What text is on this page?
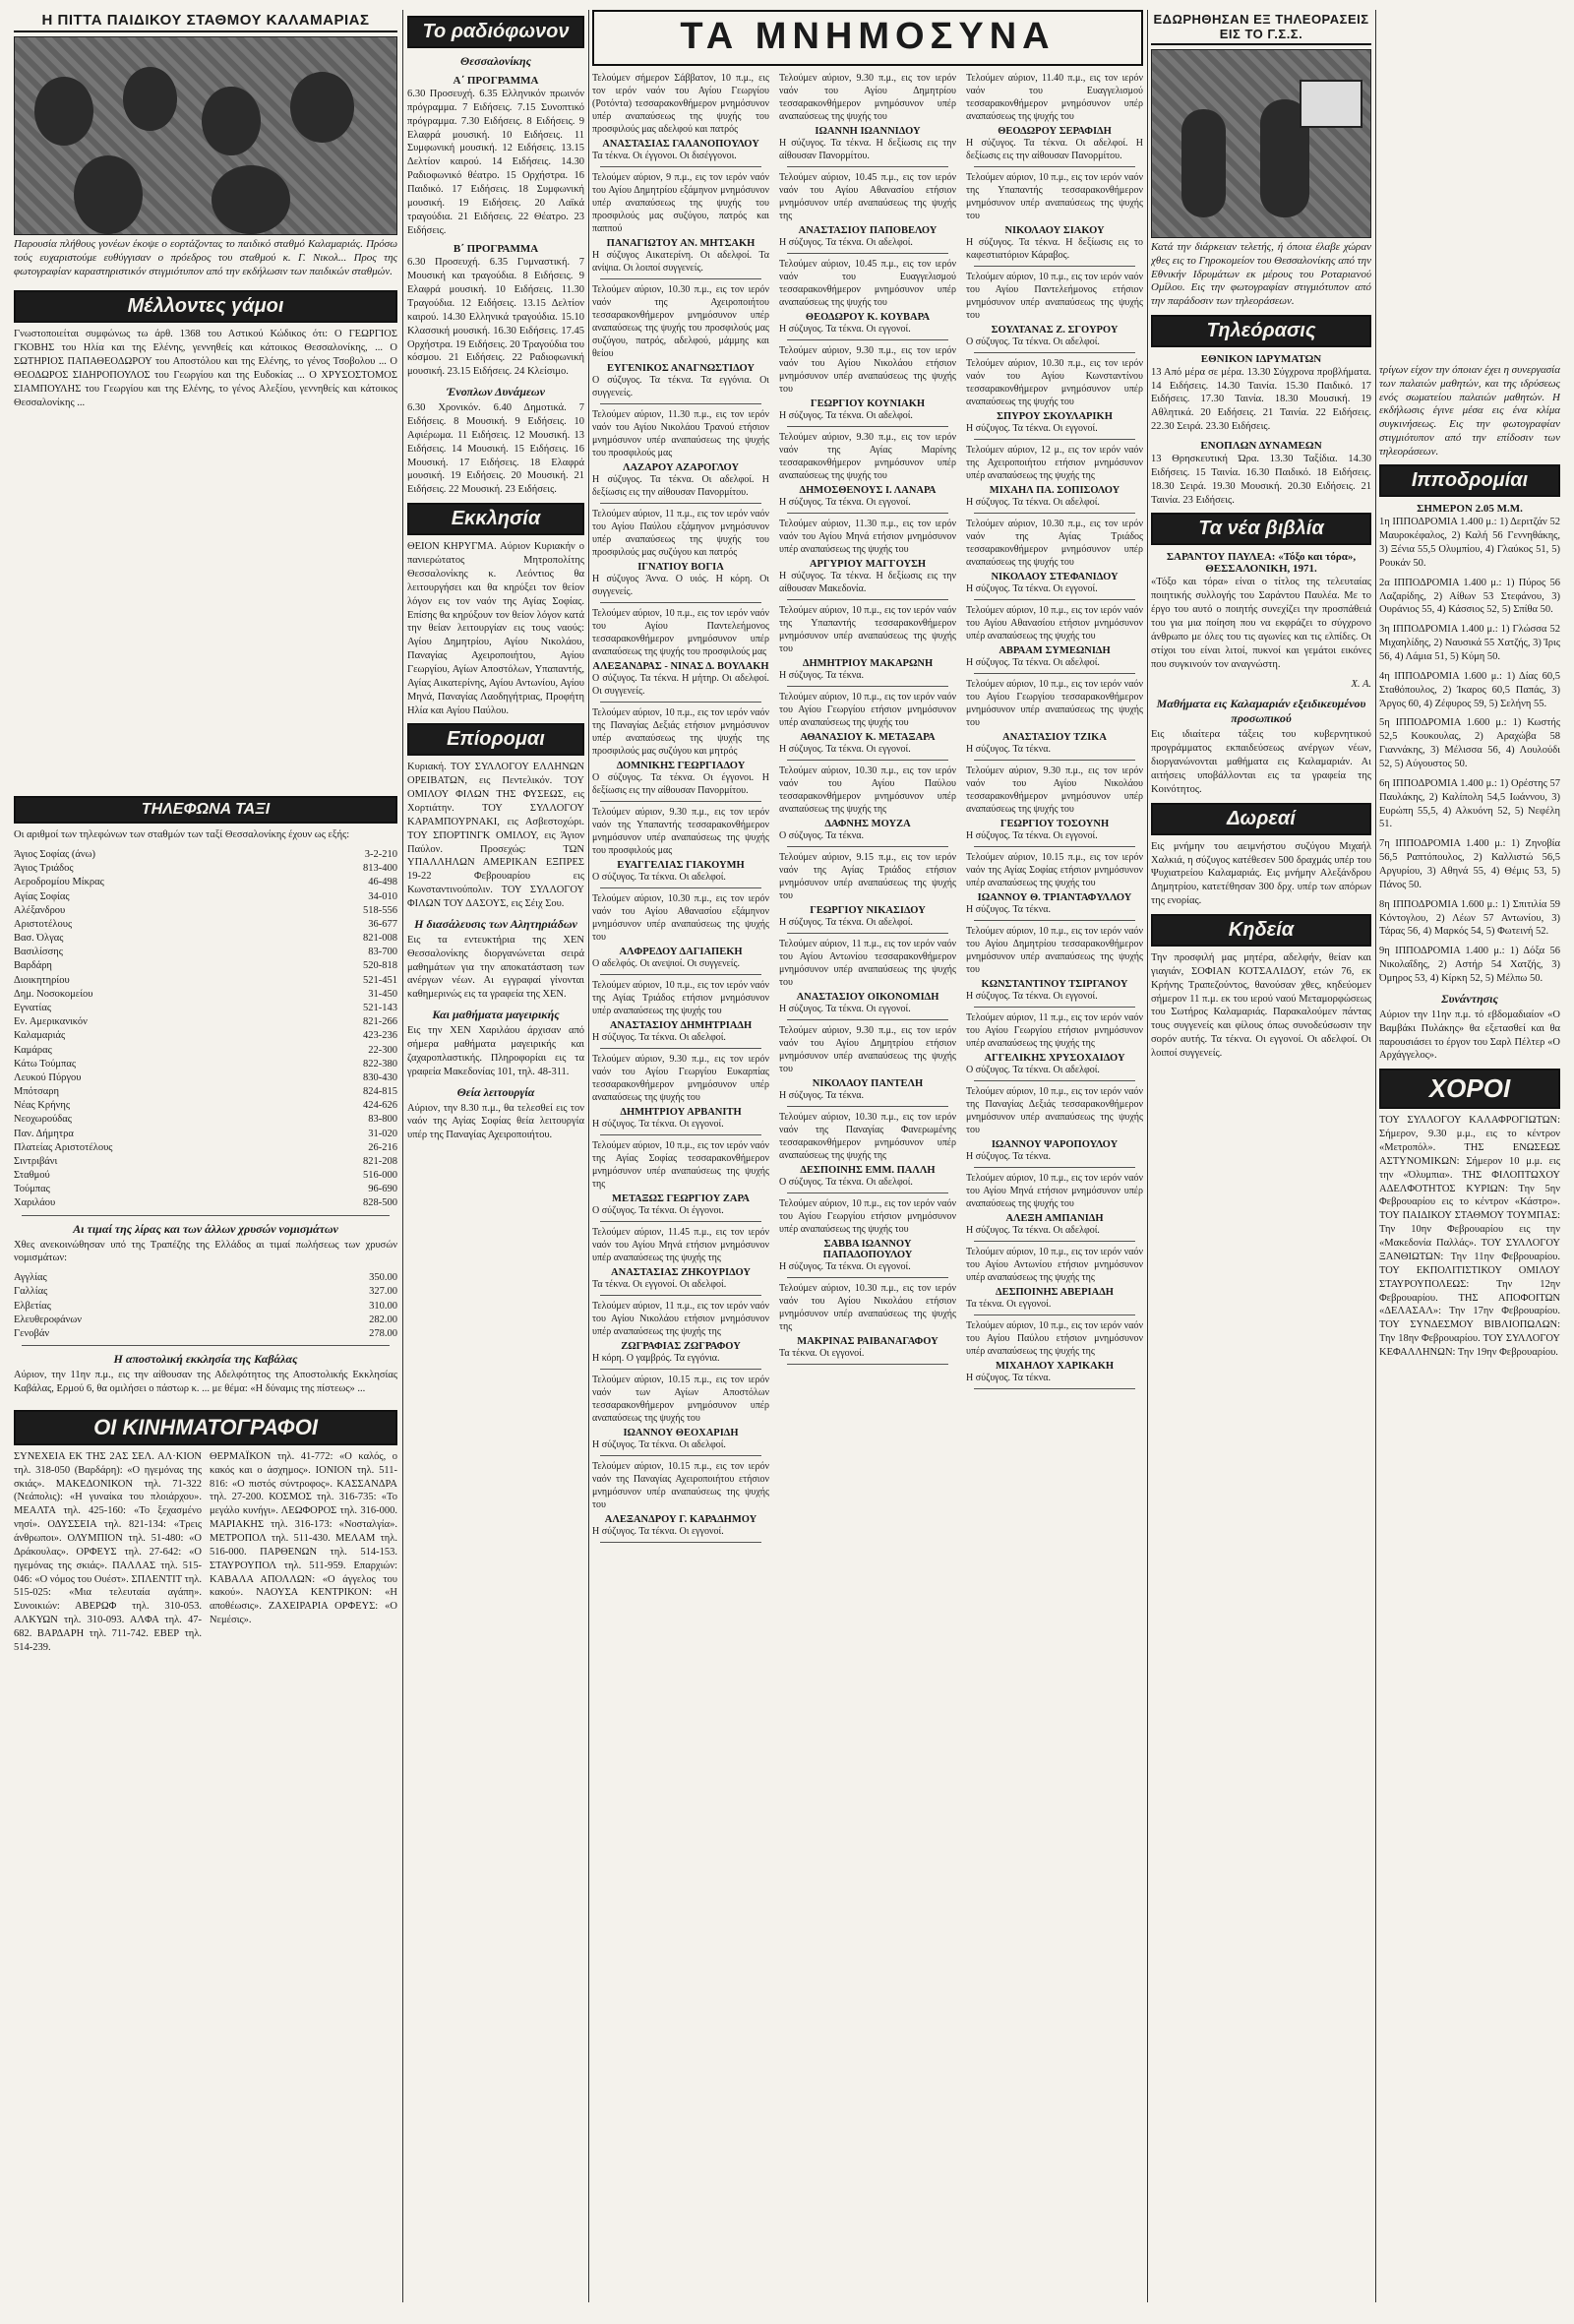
Η ΠΙΤΤΑ ΠΑΙΔΙΚΟΥ ΣΤΑΘΜΟΥ ΚΑΛΑΜΑΡΙΑΣ
Παρουσία πλήθους γονέων έκοψε ο εορτάζοντας το παιδικό σταθμό Καλαμαριάς. Πρόσω τούς ευχαριστούμε ευθύγγισαν ο πρόεδρος του σταθμού κ. Γ. Νικολ... Προς της φωτογραφίαν καραστηριστικόν στιγμιότυπον από την εκδήλωσιν των παιδικών σταθμών.
Μέλλοντες γάμοι
Γνωστοποιείται συμφώνως τω άρθ. 1368 του Αστικού Κώδικος ότι: Ο ΓΕΩΡΓΙΟΣ ΓΚΟΒΗΣ του Ηλία και της Ελένης, γεννηθείς και κάτοικος Θεσσαλονίκης, ... Ο ΣΩΤΗΡΙΟΣ ΠΑΠΑΘΕΟΔΩΡΟΥ του Αποστόλου και της Ελένης, το γένος Τσοβολου ... Ο ΘΕΟΔΩΡΟΣ ΣΙΔΗΡΟΠΟΥΛΟΣ του Γεωργίου και της Ευδοκίας ... Ο ΧΡΥΣΟΣΤΟΜΟΣ ΣΙΑΜΠΟΥΛΗΣ του Γεωργίου και της Ελένης, το γένος Αλεξίου, γεννηθείς και κάτοικος Θεσσαλονίκης ...
ΤΗΛΕΦΩΝΑ ΤΑΞΙ
Οι αριθμοί των τηλεφώνων των σταθμών των ταξί Θεσσαλονίκης έχουν ως εξής:
Άγιος Σοφίας (άνω)	3-2-210
Άγιος Τριάδος	813-400
Αεροδρομίου Μίκρας	46-498
Αγίας Σοφίας	34-010
Αλέξανδρου	518-556
Αριστοτέλους	36-677
Βασ. Όλγας	821-008
Βασιλίσσης	83-700
Βαρδάρη	520-818
Διοικητηρίου	521-451
Δημ. Νοσοκομείου	31-450
Εγνατίας	521-143
Εν. Αμερικανικόν	821-266
Καλαμαριάς	423-236
Καμάρας	22-300
Κάτω Τούμπας	822-380
Λευκού Πύργου	830-430
Μπότσαρη	824-815
Νέας Κρήνης	424-626
Νεοχωρούδας	83-800
Παν. Δήμητρα	31-020
Πλατείας Αριστοτέλους	26-216
Σιντριβάνι	821-208
Σταθμού	516-000
Τούμπας	96-690
Χαριλάου	828-500
Αι τιμαί της λίρας και των άλλων χρυσών νομισμάτων
Χθες ανεκοινώθησαν υπό της Τραπέζης της Ελλάδος αι τιμαί πωλήσεως των χρυσών νομισμάτων:
Αγγλίας	350.00
Γαλλίας	327.00
Ελβετίας	310.00
Ελευθεροφάνων	282.00
Γενοβάν	278.00
Η αποστολική εκκλησία της Καβάλας
Αύριον, την 11ην π.μ., εις την αίθουσαν της Αδελφότητος της Αποστολικής Εκκλησίας Καβάλας, Ερμού 6, θα ομιλήσει ο πάστωρ κ. ... με θέμα: «Η δύναμις της πίστεως» ...
ΟΙ ΚΙΝΗΜΑΤΟΓΡΑΦΟΙ
ΣΥΝΕΧΕΙΑ ΕΚ ΤΗΣ 2ΑΣ ΣΕΛ. ΑΛ·ΚΙΟΝ τηλ. 318-050 (Βαρδάρη): «Ο ηγεμόνας της σκιάς». ΜΑΚΕΔΟΝΙΚΟΝ τηλ. 71-322 (Νεάπολις): «Η γυναίκα του πλοιάρχου». ΜΕΑΛΤΑ τηλ. 425-160: «Το ξεχασμένο νησί». ΟΔΥΣΣΕΙΑ τηλ. 821-134: «Τρεις άνθρωποι». ΟΛΥΜΠΙΟΝ τηλ. 51-480: «Ο Δράκουλας». ΟΡΦΕΥΣ τηλ. 27-642: «Ο ηγεμόνας της σκιάς». ΠΑΛΛΑΣ τηλ. 515-046: «Ο νόμος του Ουέστ». ΣΠΛΕΝΤΙΤ τηλ. 515-025: «Μια τελευταία αγάπη». Συνοικιών: ΑΒΕΡΩΦ τηλ. 310-053. ΑΛΚΥΩΝ τηλ. 310-093. ΑΛΦΑ τηλ. 47-682. ΒΑΡΔΑΡΗ τηλ. 711-742. ΕΒΕΡ τηλ. 514-239.
ΘΕΡΜΑΪΚΟΝ τηλ. 41-772: «Ο καλός, ο κακός και ο άσχημος». ΙΟΝΙΟΝ τηλ. 511-816: «Ο πιστός σύντροφος». ΚΑΣΣΑΝΔΡΑ τηλ. 27-200. ΚΟΣΜΟΣ τηλ. 316-735: «Το μεγάλο κυνήγι». ΛΕΩΦΟΡΟΣ τηλ. 316-000. ΜΑΡΙΑΚΗΣ τηλ. 316-173: «Νοσταλγία». ΜΕΤΡΟΠΟΛ τηλ. 511-430. ΜΕΛΑΜ τηλ. 516-000. ΠΑΡΘΕΝΩΝ τηλ. 514-153. ΣΤΑΥΡΟΥΠΟΛ τηλ. 511-959. Επαρχιών: ΚΑΒΑΛΑ ΑΠΟΛΛΩΝ: «Ο άγγελος του κακού». ΝΑΟΥΣΑ ΚΕΝΤΡΙΚΟΝ: «Η αποθέωσις». ΖΑΧΕΙΡΑΡΙΑ ΟΡΦΕΥΣ: «Ο Νεμέσις».
Το ραδιόφωνον
Θεσσαλονίκης
Α΄ ΠΡΟΓΡΑΜΜΑ
6.30 Προσευχή. 6.35 Ελληνικόν πρωινόν πρόγραμμα. 7 Ειδήσεις. 7.15 Συνοπτικό πρόγραμμα. 7.30 Ειδήσεις. 8 Ειδήσεις. 9 Ελαφρά μουσική. 10 Ειδήσεις. 11 Συμφωνική μουσική. 12 Ειδήσεις. 13.15 Δελτίον καιρού. 14 Ειδήσεις. 14.30 Ραδιοφωνικό θέατρο. 15 Ορχήστρα. 16 Παιδικό. 17 Ειδήσεις. 18 Συμφωνική μουσική. 19 Ειδήσεις. 20 Λαϊκά τραγούδια. 21 Ειδήσεις. 22 Θέατρο. 23 Ειδήσεις.
Β΄ ΠΡΟΓΡΑΜΜΑ
6.30 Προσευχή. 6.35 Γυμναστική. 7 Μουσική και τραγούδια. 8 Ειδήσεις. 9 Ελαφρά μουσική. 10 Ειδήσεις. 11.30 Τραγούδια. 12 Ειδήσεις. 13.15 Δελτίον καιρού. 14.30 Ελληνικά τραγούδια. 15.10 Κλασσική μουσική. 16.30 Ειδήσεις. 17.45 Ορχήστρα. 19 Ειδήσεις. 20 Τραγούδια του κόσμου. 21 Ειδήσεις. 22 Ραδιοφωνική μουσική. 23.15 Ειδήσεις. 24 Κλείσιμο.
Ένοπλων Δυνάμεων
6.30 Χρονικόν. 6.40 Δημοτικά. 7 Ειδήσεις. 8 Μουσική. 9 Ειδήσεις. 10 Αφιέρωμα. 11 Ειδήσεις. 12 Μουσική. 13 Ειδήσεις. 14 Μουσική. 15 Ειδήσεις. 16 Μουσική. 17 Ειδήσεις. 18 Ελαφρά μουσική. 19 Ειδήσεις. 20 Μουσική. 21 Ειδήσεις. 22 Μουσική. 23 Ειδήσεις.
Εκκλησία
ΘΕΙΟΝ ΚΗΡΥΓΜΑ. Αύριον Κυριακήν ο πανιερώτατος Μητροπολίτης Θεσσαλονίκης κ. Λεόντιος θα λειτουργήσει και θα κηρύξει τον θείον λόγον εις τον ναόν της Αγίας Σοφίας. Επίσης θα κηρύξουν τον θείον λόγον κατά την θείαν λειτουργίαν εις τους ναούς: Αγίου Δημητρίου, Αγίου Νικολάου, Παναγίας Αχειροποιήτου, Αγίου Γεωργίου, Αγίων Αποστόλων, Υπαπαντής, Αγίας Αικατερίνης, Αγίου Αντωνίου, Αγίου Μηνά, Παναγίας Λαοδηγήτριας, Προφήτη Ηλία και Αγίου Παύλου.
Επίορομαι
Κυριακή. ΤΟΥ ΣΥΛΛΟΓΟΥ ΕΛΛΗΝΩΝ ΟΡΕΙΒΑΤΩΝ, εις Πεντελικόν. ΤΟΥ ΟΜΙΛΟΥ ΦΙΛΩΝ ΤΗΣ ΦΥΣΕΩΣ, εις Χορτιάτην. ΤΟΥ ΣΥΛΛΟΓΟΥ ΚΑΡΑΜΠΟΥΡΝΑΚΙ, εις Ασβεστοχώρι. ΤΟΥ ΣΠΟΡΤΙΝΓΚ ΟΜΙΛΟΥ, εις Άγιον Παύλον. Προσεχώς: ΤΩΝ ΥΠΑΛΛΗΛΩΝ ΑΜΕΡΙΚΑΝ ΕΞΠΡΕΣ 19-22 Φεβρουαρίου εις Κωνσταντινούπολιν. ΤΟΥ ΣΥΛΛΟΓΟΥ ΦΙΛΩΝ ΤΟΥ ΔΑΣΟΥΣ, εις Σέιχ Σου.
Η διασάλευσις των Αλητηριάδων
Εις τα εντευκτήρια της ΧΕΝ Θεσσαλονίκης διοργανώνεται σειρά μαθημάτων για την αποκατάσταση των ανέργων νέων. Αι εγγραφαί γίνονται καθημερινώς εις τα γραφεία της ΧΕΝ.
Και μαθήματα μαγειρικής
Εις την ΧΕΝ Χαριλάου άρχισαν από σήμερα μαθήματα μαγειρικής και ζαχαροπλαστικής. Πληροφορίαι εις τα γραφεία Μακεδονίας 101, τηλ. 48-311.
Θεία λειτουργία
Αύριον, την 8.30 π.μ., θα τελεσθεί εις τον ναόν της Αγίας Σοφίας θεία λειτουργία υπέρ της Παναγίας Αχειροποιήτου.
ΤΑ ΜΝΗΜΟΣΥΝΑ
Τελούμεν σήμερον Σάββατον, 10 π.μ., εις τον ιερόν ναόν του Αγίου Γεωργίου (Ροτόντα) τεσσαρακονθήμερον μνημόσυνον υπέρ αναπαύσεως της ψυχής του προσφιλούς μας αδελφού και πατρός
ΑΝΑΣΤΑΣΙΑΣ ΓΑΛΑΝΟΠΟΥΛΟΥ
Τα τέκνα. Οι έγγονοι. Οι δισέγγονοι.
Τελούμεν αύριον, 9 π.μ., εις τον ιερόν ναόν του Αγίου Δημητρίου εξάμηνον μνημόσυνον υπέρ αναπαύσεως της ψυχής του προσφιλούς μας συζύγου, πατρός και παππού
ΠΑΝΑΓΙΩΤΟΥ ΑΝ. ΜΗΤΣΑΚΗ
Η σύζυγος Αικατερίνη. Οι αδελφοί. Τα ανίψια. Οι λοιποί συγγενείς.
Τελούμεν αύριον, 10.30 π.μ., εις τον ιερόν ναόν της Αχειροποιήτου τεσσαρακονθήμερον μνημόσυνον υπέρ αναπαύσεως της ψυχής του προσφιλούς μας συζύγου, πατρός, αδελφού, μάμμης και θείου
ΕΥΓΕΝΙΚΟΣ ΑΝΑΓΝΩΣΤΙΔΟΥ
Ο σύζυγος. Τα τέκνα. Τα εγγόνια. Οι συγγενείς.
Τελούμεν αύριον, 11.30 π.μ., εις τον ιερόν ναόν του Αγίου Νικολάου Τρανού ετήσιον μνημόσυνον υπέρ αναπαύσεως της ψυχής του προσφιλούς μας
ΛΑΖΑΡΟΥ ΑΖΑΡΟΓΛΟΥ
Η σύζυγος. Τα τέκνα. Οι αδελφοί. Η δεξίωσις εις την αίθουσαν Πανορμίτου.
Τελούμεν αύριον, 11 π.μ., εις τον ιερόν ναόν του Αγίου Παύλου εξάμηνον μνημόσυνον υπέρ αναπαύσεως της ψυχής του προσφιλούς μας συζύγου και πατρός
ΙΓΝΑΤΙΟΥ ΒΟΓΙΑ
Η σύζυγος Άννα. Ο υιός. Η κόρη. Οι συγγενείς.
Τελούμεν αύριον, 10 π.μ., εις τον ιερόν ναόν του Αγίου Παντελεήμονος τεσσαρακονθήμερον μνημόσυνον υπέρ αναπαύσεως της ψυχής του προσφιλούς μας
ΑΛΕΞΑΝΔΡΑΣ - ΝΙΝΑΣ Δ. ΒΟΥΛΑΚΗ
Ο σύζυγος. Τα τέκνα. Η μήτηρ. Οι αδελφοί. Οι συγγενείς.
Τελούμεν αύριον, 10 π.μ., εις τον ιερόν ναόν της Παναγίας Δεξιάς ετήσιον μνημόσυνον υπέρ αναπαύσεως της ψυχής της προσφιλούς μας συζύγου και μητρός
ΔΟΜΝΙΚΗΣ ΓΕΩΡΓΙΑΔΟΥ
Ο σύζυγος. Τα τέκνα. Οι έγγονοι. Η δεξίωσις εις την αίθουσαν Πανορμίτου.
Τελούμεν αύριον, 9.30 π.μ., εις τον ιερόν ναόν της Υπαπαντής τεσσαρακονθήμερον μνημόσυνον υπέρ αναπαύσεως της ψυχής του προσφιλούς μας
ΕΥΑΓΓΕΛΙΑΣ ΓΙΑΚΟΥΜΗ
Ο σύζυγος. Τα τέκνα. Οι αδελφοί.
Τελούμεν αύριον, 10.30 π.μ., εις τον ιερόν ναόν του Αγίου Αθανασίου εξάμηνον μνημόσυνον υπέρ αναπαύσεως της ψυχής του
ΑΛΦΡΕΔΟΥ ΔΑΓΙΑΠΕΚΗ
Ο αδελφός. Οι ανεψιοί. Οι συγγενείς.
Τελούμεν αύριον, 10 π.μ., εις τον ιερόν ναόν της Αγίας Τριάδος ετήσιον μνημόσυνον υπέρ αναπαύσεως της ψυχής του
ΑΝΑΣΤΑΣΙΟΥ ΔΗΜΗΤΡΙΑΔΗ
Η σύζυγος. Τα τέκνα. Οι αδελφοί.
Τελούμεν αύριον, 9.30 π.μ., εις τον ιερόν ναόν του Αγίου Γεωργίου Ευκαρπίας τεσσαρακονθήμερον μνημόσυνον υπέρ αναπαύσεως της ψυχής του
ΔΗΜΗΤΡΙΟΥ ΑΡΒΑΝΙΤΗ
Η σύζυγος. Τα τέκνα. Οι εγγονοί.
Τελούμεν αύριον, 10 π.μ., εις τον ιερόν ναόν της Αγίας Σοφίας τεσσαρακονθήμερον μνημόσυνον υπέρ αναπαύσεως της ψυχής της
ΜΕΤΑΞΩΣ ΓΕΩΡΓΙΟΥ ΖΑΡΑ
Ο σύζυγος. Τα τέκνα. Οι έγγονοι.
Τελούμεν αύριον, 11.45 π.μ., εις τον ιερόν ναόν του Αγίου Μηνά ετήσιον μνημόσυνον υπέρ αναπαύσεως της ψυχής της
ΑΝΑΣΤΑΣΙΑΣ ΖΗΚΟΥΡΙΔΟΥ
Τα τέκνα. Οι εγγονοί. Οι αδελφοί.
Τελούμεν αύριον, 11 π.μ., εις τον ιερόν ναόν του Αγίου Νικολάου ετήσιον μνημόσυνον υπέρ αναπαύσεως της ψυχής της
ΖΩΓΡΑΦΙΑΣ ΖΩΓΡΑΦΟΥ
Η κόρη. Ο γαμβρός. Τα εγγόνια.
Τελούμεν αύριον, 10.15 π.μ., εις τον ιερόν ναόν των Αγίων Αποστόλων τεσσαρακονθήμερον μνημόσυνον υπέρ αναπαύσεως της ψυχής του
ΙΩΑΝΝΟΥ ΘΕΟΧΑΡΙΔΗ
Η σύζυγος. Τα τέκνα. Οι αδελφοί.
Τελούμεν αύριον, 10.15 π.μ., εις τον ιερόν ναόν της Παναγίας Αχειροποιήτου ετήσιον μνημόσυνον υπέρ αναπαύσεως της ψυχής του
ΑΛΕΞΑΝΔΡΟΥ Γ. ΚΑΡΑΔΗΜΟΥ
Η σύζυγος. Τα τέκνα. Οι εγγονοί.
Τελούμεν αύριον, 9.30 π.μ., εις τον ιερόν ναόν του Αγίου Δημητρίου τεσσαρακονθήμερον μνημόσυνον υπέρ αναπαύσεως της ψυχής του
ΙΩΑΝΝΗ ΙΩΑΝΝΙΔΟΥ
Η σύζυγος. Τα τέκνα. Η δεξίωσις εις την αίθουσαν Πανορμίτου.
Τελούμεν αύριον, 10.45 π.μ., εις τον ιερόν ναόν του Αγίου Αθανασίου ετήσιον μνημόσυνον υπέρ αναπαύσεως της ψυχής της
ΑΝΑΣΤΑΣΙΟΥ ΠΑΠΟΒΕΛΟΥ
Η σύζυγος. Τα τέκνα. Οι αδελφοί.
Τελούμεν αύριον, 10.45 π.μ., εις τον ιερόν ναόν του Ευαγγελισμού τεσσαρακονθήμερον μνημόσυνον υπέρ αναπαύσεως της ψυχής του
ΘΕΟΔΩΡΟΥ Κ. ΚΟΥΒΑΡΑ
Η σύζυγος. Τα τέκνα. Οι εγγονοί.
Τελούμεν αύριον, 9.30 π.μ., εις τον ιερόν ναόν του Αγίου Νικολάου ετήσιον μνημόσυνον υπέρ αναπαύσεως της ψυχής του
ΓΕΩΡΓΙΟΥ ΚΟΥΝΙΑΚΗ
Η σύζυγος. Τα τέκνα. Οι αδελφοί.
Τελούμεν αύριον, 9.30 π.μ., εις τον ιερόν ναόν της Αγίας Μαρίνης τεσσαρακονθήμερον μνημόσυνον υπέρ αναπαύσεως της ψυχής του
ΔΗΜΟΣΘΕΝΟΥΣ Ι. ΛΑΝΑΡΑ
Η σύζυγος. Τα τέκνα. Οι εγγονοί.
Τελούμεν αύριον, 11.30 π.μ., εις τον ιερόν ναόν του Αγίου Μηνά ετήσιον μνημόσυνον υπέρ αναπαύσεως της ψυχής του
ΑΡΓΥΡΙΟΥ ΜΑΓΓΟΥΣΗ
Η σύζυγος. Τα τέκνα. Η δεξίωσις εις την αίθουσαν Μακεδονία.
Τελούμεν αύριον, 10 π.μ., εις τον ιερόν ναόν της Υπαπαντής τεσσαρακονθήμερον μνημόσυνον υπέρ αναπαύσεως της ψυχής του
ΔΗΜΗΤΡΙΟΥ ΜΑΚΑΡΩΝΗ
Η σύζυγος. Τα τέκνα.
Τελούμεν αύριον, 10 π.μ., εις τον ιερόν ναόν του Αγίου Γεωργίου ετήσιον μνημόσυνον υπέρ αναπαύσεως της ψυχής του
ΑΘΑΝΑΣΙΟΥ Κ. ΜΕΤΑΞΑΡΑ
Η σύζυγος. Τα τέκνα. Οι εγγονοί.
Τελούμεν αύριον, 10.30 π.μ., εις τον ιερόν ναόν του Αγίου Παύλου τεσσαρακονθήμερον μνημόσυνον υπέρ αναπαύσεως της ψυχής της
ΔΑΦΝΗΣ ΜΟΥΖΑ
Ο σύζυγος. Τα τέκνα.
Τελούμεν αύριον, 9.15 π.μ., εις τον ιερόν ναόν της Αγίας Τριάδος ετήσιον μνημόσυνον υπέρ αναπαύσεως της ψυχής του
ΓΕΩΡΓΙΟΥ ΝΙΚΑΣΙΔΟΥ
Η σύζυγος. Τα τέκνα. Οι αδελφοί.
Τελούμεν αύριον, 11 π.μ., εις τον ιερόν ναόν του Αγίου Αντωνίου τεσσαρακονθήμερον μνημόσυνον υπέρ αναπαύσεως της ψυχής του
ΑΝΑΣΤΑΣΙΟΥ ΟΙΚΟΝΟΜΙΔΗ
Η σύζυγος. Τα τέκνα. Οι εγγονοί.
Τελούμεν αύριον, 9.30 π.μ., εις τον ιερόν ναόν του Αγίου Δημητρίου ετήσιον μνημόσυνον υπέρ αναπαύσεως της ψυχής του
ΝΙΚΟΛΑΟΥ ΠΑΝΤΕΛΗ
Η σύζυγος. Τα τέκνα.
Τελούμεν αύριον, 10.30 π.μ., εις τον ιερόν ναόν της Παναγίας Φανερωμένης τεσσαρακονθήμερον μνημόσυνον υπέρ αναπαύσεως της ψυχής της
ΔΕΣΠΟΙΝΗΣ ΕΜΜ. ΠΑΛΛΗ
Ο σύζυγος. Τα τέκνα. Οι αδελφοί.
Τελούμεν αύριον, 10 π.μ., εις τον ιερόν ναόν του Αγίου Γεωργίου ετήσιον μνημόσυνον υπέρ αναπαύσεως της ψυχής του
ΣΑΒΒΑ ΙΩΑΝΝΟΥ ΠΑΠΑΔΟΠΟΥΛΟΥ
Η σύζυγος. Τα τέκνα. Οι εγγονοί.
Τελούμεν αύριον, 10.30 π.μ., εις τον ιερόν ναόν του Αγίου Νικολάου ετήσιον μνημόσυνον υπέρ αναπαύσεως της ψυχής της
ΜΑΚΡΙΝΑΣ ΡΑΙΒΑΝΑΓΑΦΟΥ
Τα τέκνα. Οι εγγονοί.
Τελούμεν αύριον, 11.40 π.μ., εις τον ιερόν ναόν του Ευαγγελισμού τεσσαρακονθήμερον μνημόσυνον υπέρ αναπαύσεως της ψυχής του
ΘΕΟΔΩΡΟΥ ΣΕΡΑΦΙΔΗ
Η σύζυγος. Τα τέκνα. Οι αδελφοί. Η δεξίωσις εις την αίθουσαν Πανορμίτου.
Τελούμεν αύριον, 10 π.μ., εις τον ιερόν ναόν της Υπαπαντής τεσσαρακονθήμερον μνημόσυνον υπέρ αναπαύσεως της ψυχής του
ΝΙΚΟΛΑΟΥ ΣΙΑΚΟΥ
Η σύζυγος. Τα τέκνα. Η δεξίωσις εις το καφεστιατόριον Κάραβος.
Τελούμεν αύριον, 10 π.μ., εις τον ιερόν ναόν του Αγίου Παντελεήμονος ετήσιον μνημόσυνον υπέρ αναπαύσεως της ψυχής του
ΣΟΥΛΤΑΝΑΣ Ζ. ΣΓΟΥΡΟΥ
Ο σύζυγος. Τα τέκνα. Οι αδελφοί.
Τελούμεν αύριον, 10.30 π.μ., εις τον ιερόν ναόν του Αγίου Κωνσταντίνου τεσσαρακονθήμερον μνημόσυνον υπέρ αναπαύσεως της ψυχής του
ΣΠΥΡΟΥ ΣΚΟΥΛΑΡΙΚΗ
Η σύζυγος. Τα τέκνα. Οι εγγονοί.
Τελούμεν αύριον, 12 μ., εις τον ιερόν ναόν της Αχειροποιήτου ετήσιον μνημόσυνον υπέρ αναπαύσεως της ψυχής της
ΜΙΧΑΗΛ ΠΑ. ΣΟΠΙΣΟΛΟΥ
Η σύζυγος. Τα τέκνα. Οι αδελφοί.
Τελούμεν αύριον, 10.30 π.μ., εις τον ιερόν ναόν της Αγίας Τριάδος τεσσαρακονθήμερον μνημόσυνον υπέρ αναπαύσεως της ψυχής του
ΝΙΚΟΛΑΟΥ ΣΤΕΦΑΝΙΔΟΥ
Η σύζυγος. Τα τέκνα. Οι εγγονοί.
Τελούμεν αύριον, 10 π.μ., εις τον ιερόν ναόν του Αγίου Αθανασίου ετήσιον μνημόσυνον υπέρ αναπαύσεως της ψυχής του
ΑΒΡΑΑΜ ΣΥΜΕΩΝΙΔΗ
Η σύζυγος. Τα τέκνα. Οι αδελφοί.
Τελούμεν αύριον, 10 π.μ., εις τον ιερόν ναόν του Αγίου Γεωργίου τεσσαρακονθήμερον μνημόσυνον υπέρ αναπαύσεως της ψυχής του
ΑΝΑΣΤΑΣΙΟΥ ΤΖΙΚΑ
Η σύζυγος. Τα τέκνα.
Τελούμεν αύριον, 9.30 π.μ., εις τον ιερόν ναόν του Αγίου Νικολάου τεσσαρακονθήμερον μνημόσυνον υπέρ αναπαύσεως της ψυχής του
ΓΕΩΡΓΙΟΥ ΤΟΣΟΥΝΗ
Η σύζυγος. Τα τέκνα. Οι εγγονοί.
Τελούμεν αύριον, 10.15 π.μ., εις τον ιερόν ναόν της Αγίας Σοφίας ετήσιον μνημόσυνον υπέρ αναπαύσεως της ψυχής του
ΙΩΑΝΝΟΥ Θ. ΤΡΙΑΝΤΑΦΥΛΛΟΥ
Η σύζυγος. Τα τέκνα.
Τελούμεν αύριον, 10 π.μ., εις τον ιερόν ναόν του Αγίου Δημητρίου τεσσαρακονθήμερον μνημόσυνον υπέρ αναπαύσεως της ψυχής του
ΚΩΝΣΤΑΝΤΙΝΟΥ ΤΣΙΡΓΑΝΟΥ
Η σύζυγος. Τα τέκνα. Οι εγγονοί.
Τελούμεν αύριον, 11 π.μ., εις τον ιερόν ναόν του Αγίου Γεωργίου ετήσιον μνημόσυνον υπέρ αναπαύσεως της ψυχής της
ΑΓΓΕΛΙΚΗΣ ΧΡΥΣΟΧΑΙΔΟΥ
Ο σύζυγος. Τα τέκνα. Οι αδελφοί.
Τελούμεν αύριον, 10 π.μ., εις τον ιερόν ναόν της Παναγίας Δεξιάς τεσσαρακονθήμερον μνημόσυνον υπέρ αναπαύσεως της ψυχής του
ΙΩΑΝΝΟΥ ΨΑΡΟΠΟΥΛΟΥ
Η σύζυγος. Τα τέκνα.
Τελούμεν αύριον, 10 π.μ., εις τον ιερόν ναόν του Αγίου Μηνά ετήσιον μνημόσυνον υπέρ αναπαύσεως της ψυχής του
ΑΛΕΞΗ ΑΜΠΑΝΙΔΗ
Η σύζυγος. Τα τέκνα. Οι αδελφοί.
Τελούμεν αύριον, 10 π.μ., εις τον ιερόν ναόν του Αγίου Αντωνίου ετήσιον μνημόσυνον υπέρ αναπαύσεως της ψυχής της
ΔΕΣΠΟΙΝΗΣ ΑΒΕΡΙΑΔΗ
Τα τέκνα. Οι εγγονοί.
Τελούμεν αύριον, 10 π.μ., εις τον ιερόν ναόν του Αγίου Παύλου ετήσιον μνημόσυνον υπέρ αναπαύσεως της ψυχής της
ΜΙΧΑΗΛΟΥ ΧΑΡΙΚΑΚΗ
Η σύζυγος. Τα τέκνα.
ΕΔΩΡΗΘΗΣΑΝ ΕΞ ΤΗΛΕΟΡΑΣΕΙΣ ΕΙΣ ΤΟ Γ.Σ.Σ.
Κατά την διάρκειαν τελετής, ή όποια έλαβε χώραν χθες εις το Γηροκομείον του Θεσσαλονίκης από την Εθνικήν Ιδρυμάτων εκ μέρους του Ροταριανού Ομίλου. Εις την φωτογραφίαν στιγμιότυπον από την παράδοσιν των τηλεοράσεων.
Τηλεόρασις
ΕΘΝΙΚΟΝ ΙΔΡΥΜΑΤΩΝ
13 Από μέρα σε μέρα. 13.30 Σύγχρονα προβλήματα. 14 Ειδήσεις. 14.30 Ταινία. 15.30 Παιδικό. 17 Ειδήσεις. 17.30 Ταινία. 18.30 Μουσική. 19 Αθλητικά. 20 Ειδήσεις. 21 Ταινία. 22 Ειδήσεις. 22.30 Σειρά. 23.30 Ειδήσεις.
ΕΝΟΠΛΩΝ ΔΥΝΑΜΕΩΝ
13 Θρησκευτική Ώρα. 13.30 Ταξίδια. 14.30 Ειδήσεις. 15 Ταινία. 16.30 Παιδικό. 18 Ειδήσεις. 18.30 Σειρά. 19.30 Μουσική. 20.30 Ειδήσεις. 21 Ταινία. 23 Ειδήσεις.
Τα νέα βιβλία
ΣΑΡΑΝΤΟΥ ΠΑΥΛΕΑ: «Τόξο και τόρα», ΘΕΣΣΑΛΟΝΙΚΗ, 1971.
«Τόξο και τόρα» είναι ο τίτλος της τελευταίας ποιητικής συλλογής του Σαράντου Παυλέα. Με το έργο του αυτό ο ποιητής συνεχίζει την προσπάθειά του για μια ποίηση που να εκφράζει το σύγχρονο άνθρωπο με όλες του τις αγωνίες και τις ελπίδες. Οι στίχοι του είναι λιτοί, πυκνοί και γεμάτοι εικόνες που συγκινούν τον αναγνώστη.
Χ. Α.
Μαθήματα εις Καλαμαριάν εξειδικευμένου προσωπικού
Εις ιδιαίτερα τάξεις του κυβερνητικού προγράμματος εκπαιδεύσεως ανέργων νέων, διοργανώνονται μαθήματα εις Καλαμαριάν. Αι αιτήσεις υποβάλλονται εις τα γραφεία της Κοινότητος.
Δωρεαί
Εις μνήμην του αειμνήστου συζύγου Μιχαήλ Χαλκιά, η σύζυγος κατέθεσεν 500 δραχμάς υπέρ του Ψυχιατρείου Καλαμαριάς. Εις μνήμην Αλεξάνδρου Δημητρίου, κατετέθησαν 300 δρχ. υπέρ των απόρων της ενορίας.
Κηδεία
Την προσφιλή μας μητέρα, αδελφήν, θείαν και γιαγιάν, ΣΟΦΙΑΝ ΚΟΤΣΑΛΙΔΟΥ, ετών 76, εκ Κρήνης Τραπεζούντος, θανούσαν χθες, κηδεύομεν σήμερον 11 π.μ. εκ του ιερού ναού Μεταμορφώσεως του Σωτήρος Καλαμαριάς. Παρακαλούμεν πάντας τους συγγενείς και φίλους όπως συνοδεύσωσιν την σορόν αυτής. Τα τέκνα. Οι εγγονοί. Οι αδελφοί. Οι λοιποί συγγενείς.
τρίγων είχον την όποιαν έχει η συνεργασία των παλαιών μαθητών, και της ιδρύσεως ενός σωματείου παλαιών μαθητών. Η εκδήλωσις έγινε μέσα εις ένα κλίμα συγκινήσεως. Εις την φωτογραφίαν στιγμιότυπον από την επίδοσιν των τηλεοράσεων.
Ιπποδρομίαι
ΣΗΜΕΡΟΝ 2.05 Μ.Μ.
1η ΙΠΠΟΔΡΟΜΙΑ 1.400 μ.: 1) Δεριτζάν 52 Μαυροκέφαλος, 2) Καλή 56 Γεννηθάκης, 3) Ξένια 55,5 Ολυμπίου, 4) Γλαύκος 51, 5) Ρουκάν 50.
2α ΙΠΠΟΔΡΟΜΙΑ 1.400 μ.: 1) Πύρος 56 Λαζαρίδης, 2) Αίθων 53 Στεφάνου, 3) Ουράνιος 55, 4) Κάσσιος 52, 5) Σπίθα 50.
3η ΙΠΠΟΔΡΟΜΙΑ 1.400 μ.: 1) Γλώσσα 52 Μιχαηλίδης, 2) Ναυσικά 55 Χατζής, 3) Ίρις 56, 4) Λάμια 51, 5) Κύμη 50.
4η ΙΠΠΟΔΡΟΜΙΑ 1.600 μ.: 1) Δίας 60,5 Σταθόπουλος, 2) Ίκαρος 60,5 Παπάς, 3) Άργος 60, 4) Ζέφυρος 59, 5) Σελήνη 55.
5η ΙΠΠΟΔΡΟΜΙΑ 1.600 μ.: 1) Κωστής 52,5 Κουκουλας, 2) Αραχώβα 58 Γιαννάκης, 3) Μέλισσα 56, 4) Λουλούδι 52, 5) Αύγουστος 50.
6η ΙΠΠΟΔΡΟΜΙΑ 1.400 μ.: 1) Ορέστης 57 Παυλάκης, 2) Καλίπολη 54,5 Ιωάννου, 3) Ευρώπη 55,5, 4) Αλκυόνη 52, 5) Νεφέλη 51.
7η ΙΠΠΟΔΡΟΜΙΑ 1.400 μ.: 1) Ζηνοβία 56,5 Ραπτόπουλος, 2) Καλλιστώ 56,5 Αργυρίου, 3) Αθηνά 55, 4) Θέμις 53, 5) Πάνος 50.
8η ΙΠΠΟΔΡΟΜΙΑ 1.600 μ.: 1) Σπιτιλία 59 Κόντογλου, 2) Λέων 57 Αντωνίου, 3) Τάρας 56, 4) Μαρκός 54, 5) Φωτεινή 52.
9η ΙΠΠΟΔΡΟΜΙΑ 1.400 μ.: 1) Δόξα 56 Νικολαΐδης, 2) Αστήρ 54 Χατζής, 3) Όμηρος 53, 4) Κίρκη 52, 5) Μέλπω 50.
Συνάντησις
Αύριον την 11ην π.μ. τό εβδομαδιαίον «Ο Βαμβάκι Πυλάκης» θα εξετασθεί και θα παρουσιάσει το έργον του Σαρλ Πέλτερ «Ο Αρχάγγελος».
ΧΟΡΟΙ
ΤΟΥ ΣΥΛΛΟΓΟΥ ΚΑΛΑΦΡΟΓΙΩΤΩΝ: Σήμερον, 9.30 μ.μ., εις το κέντρον «Μετροπόλ». ΤΗΣ ΕΝΩΣΕΩΣ ΑΣΤΥΝΟΜΙΚΩΝ: Σήμερον 10 μ.μ. εις την «Όλυμπια». ΤΗΣ ΦΙΛΟΠΤΩΧΟΥ ΑΔΕΛΦΟΤΗΤΟΣ ΚΥΡΙΩΝ: Την 5ην Φεβρουαρίου εις το κέντρον «Κάστρο». ΤΟΥ ΠΑΙΔΙΚΟΥ ΣΤΑΘΜΟΥ ΤΟΥΜΠΑΣ: Την 10ην Φεβρουαρίου εις την «Μακεδονία Παλλάς». ΤΟΥ ΣΥΛΛΟΓΟΥ ΞΑΝΘΙΩΤΩΝ: Την 11ην Φεβρουαρίου. ΤΟΥ ΕΚΠΟΛΙΤΙΣΤΙΚΟΥ ΟΜΙΛΟΥ ΣΤΑΥΡΟΥΠΟΛΕΩΣ: Την 12ην Φεβρουαρίου. ΤΗΣ ΑΠΟΦΟΙΤΩΝ «ΔΕΛΑΣΑΛ»: Την 17ην Φεβρουαρίου. ΤΟΥ ΣΥΝΔΕΣΜΟΥ ΒΙΒΛΙΟΠΩΛΩΝ: Την 18ην Φεβρουαρίου. ΤΟΥ ΣΥΛΛΟΓΟΥ ΚΕΦΑΛΛΗΝΩΝ: Την 19ην Φεβρουαρίου.
